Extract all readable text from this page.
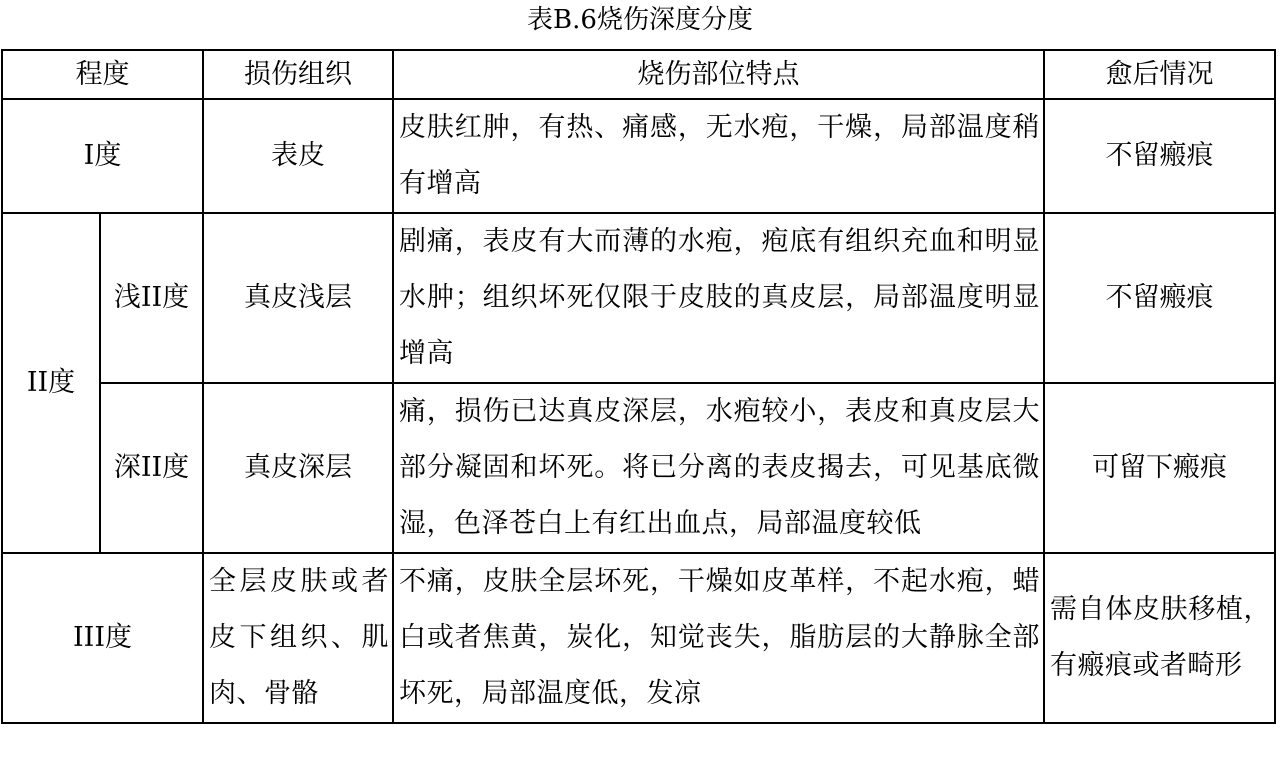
表B.6烧伤深度分度
程度		损伤组织	烧伤部位特点	愈后情况
I度		表皮	皮肤红肿，有热、痛感，无水疱，干燥，局部温度稍有增高	不留瘢痕
II度	浅II度	真皮浅层	剧痛，表皮有大而薄的水疱，疱底有组织充血和明显水肿；组织坏死仅限于皮肢的真皮层，局部温度明显增高	不留瘢痕
	深II度	真皮深层	痛，损伤已达真皮深层，水疱较小，表皮和真皮层大部分凝固和坏死。将已分离的表皮揭去，可见基底微湿，色泽苍白上有红出血点，局部温度较低	可留下瘢痕
III度		全层皮肤或者皮下组织、肌肉、骨骼	不痛，皮肤全层坏死，干燥如皮革样，不起水疱，蜡白或者焦黄，炭化，知觉丧失，脂肪层的大静脉全部坏死，局部温度低，发凉	需自体皮肤移植，有瘢痕或者畸形
